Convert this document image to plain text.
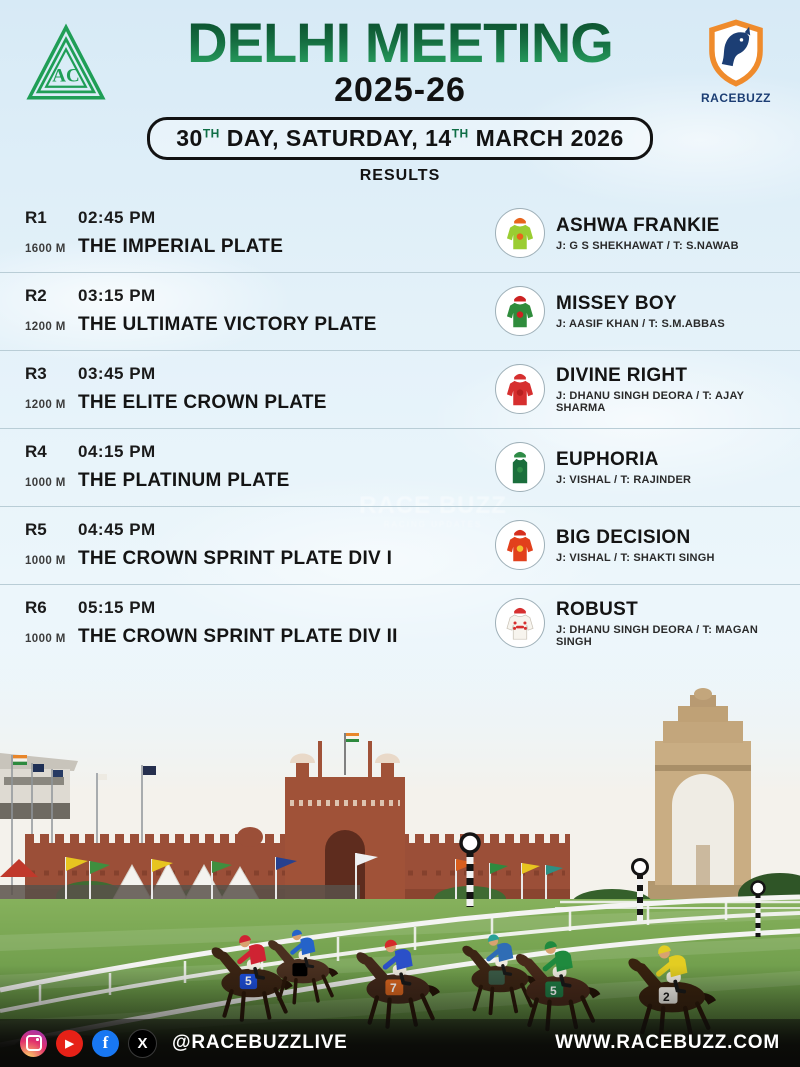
AC
DELHI MEETING
2025-26
30TH DAY, SATURDAY, 14TH MARCH 2026
RESULTS
RACEBUZZ
R1	02:45 PM
1600 M THE IMPERIAL PLATE
ASHWA FRANKIE
J: G S SHEKHAWAT / T: S.NAWAB
R2	03:15 PM
1200 M THE ULTIMATE VICTORY PLATE
MISSEY BOY
J: AASIF KHAN / T: S.M.ABBAS
R3	03:45 PM
1200 M THE ELITE CROWN PLATE
DIVINE RIGHT
J: DHANU SINGH DEORA / T: AJAY SHARMA
R4	04:15 PM
1000 M THE PLATINUM PLATE
EUPHORIA
J: VISHAL / T: RAJINDER
R5	04:45 PM
1000 M THE CROWN SPRINT PLATE DIV I
BIG DECISION
J: VISHAL / T: SHAKTI SINGH
R6	05:15 PM
1000 M THE CROWN SPRINT PLATE DIV II
ROBUST
J: DHANU SINGH DEORA / T: MAGAN SINGH
RACE BUZZ
RACING UPDATES
▶	f	X	@RACEBUZZLIVE	WWW.RACEBUZZ.COM
